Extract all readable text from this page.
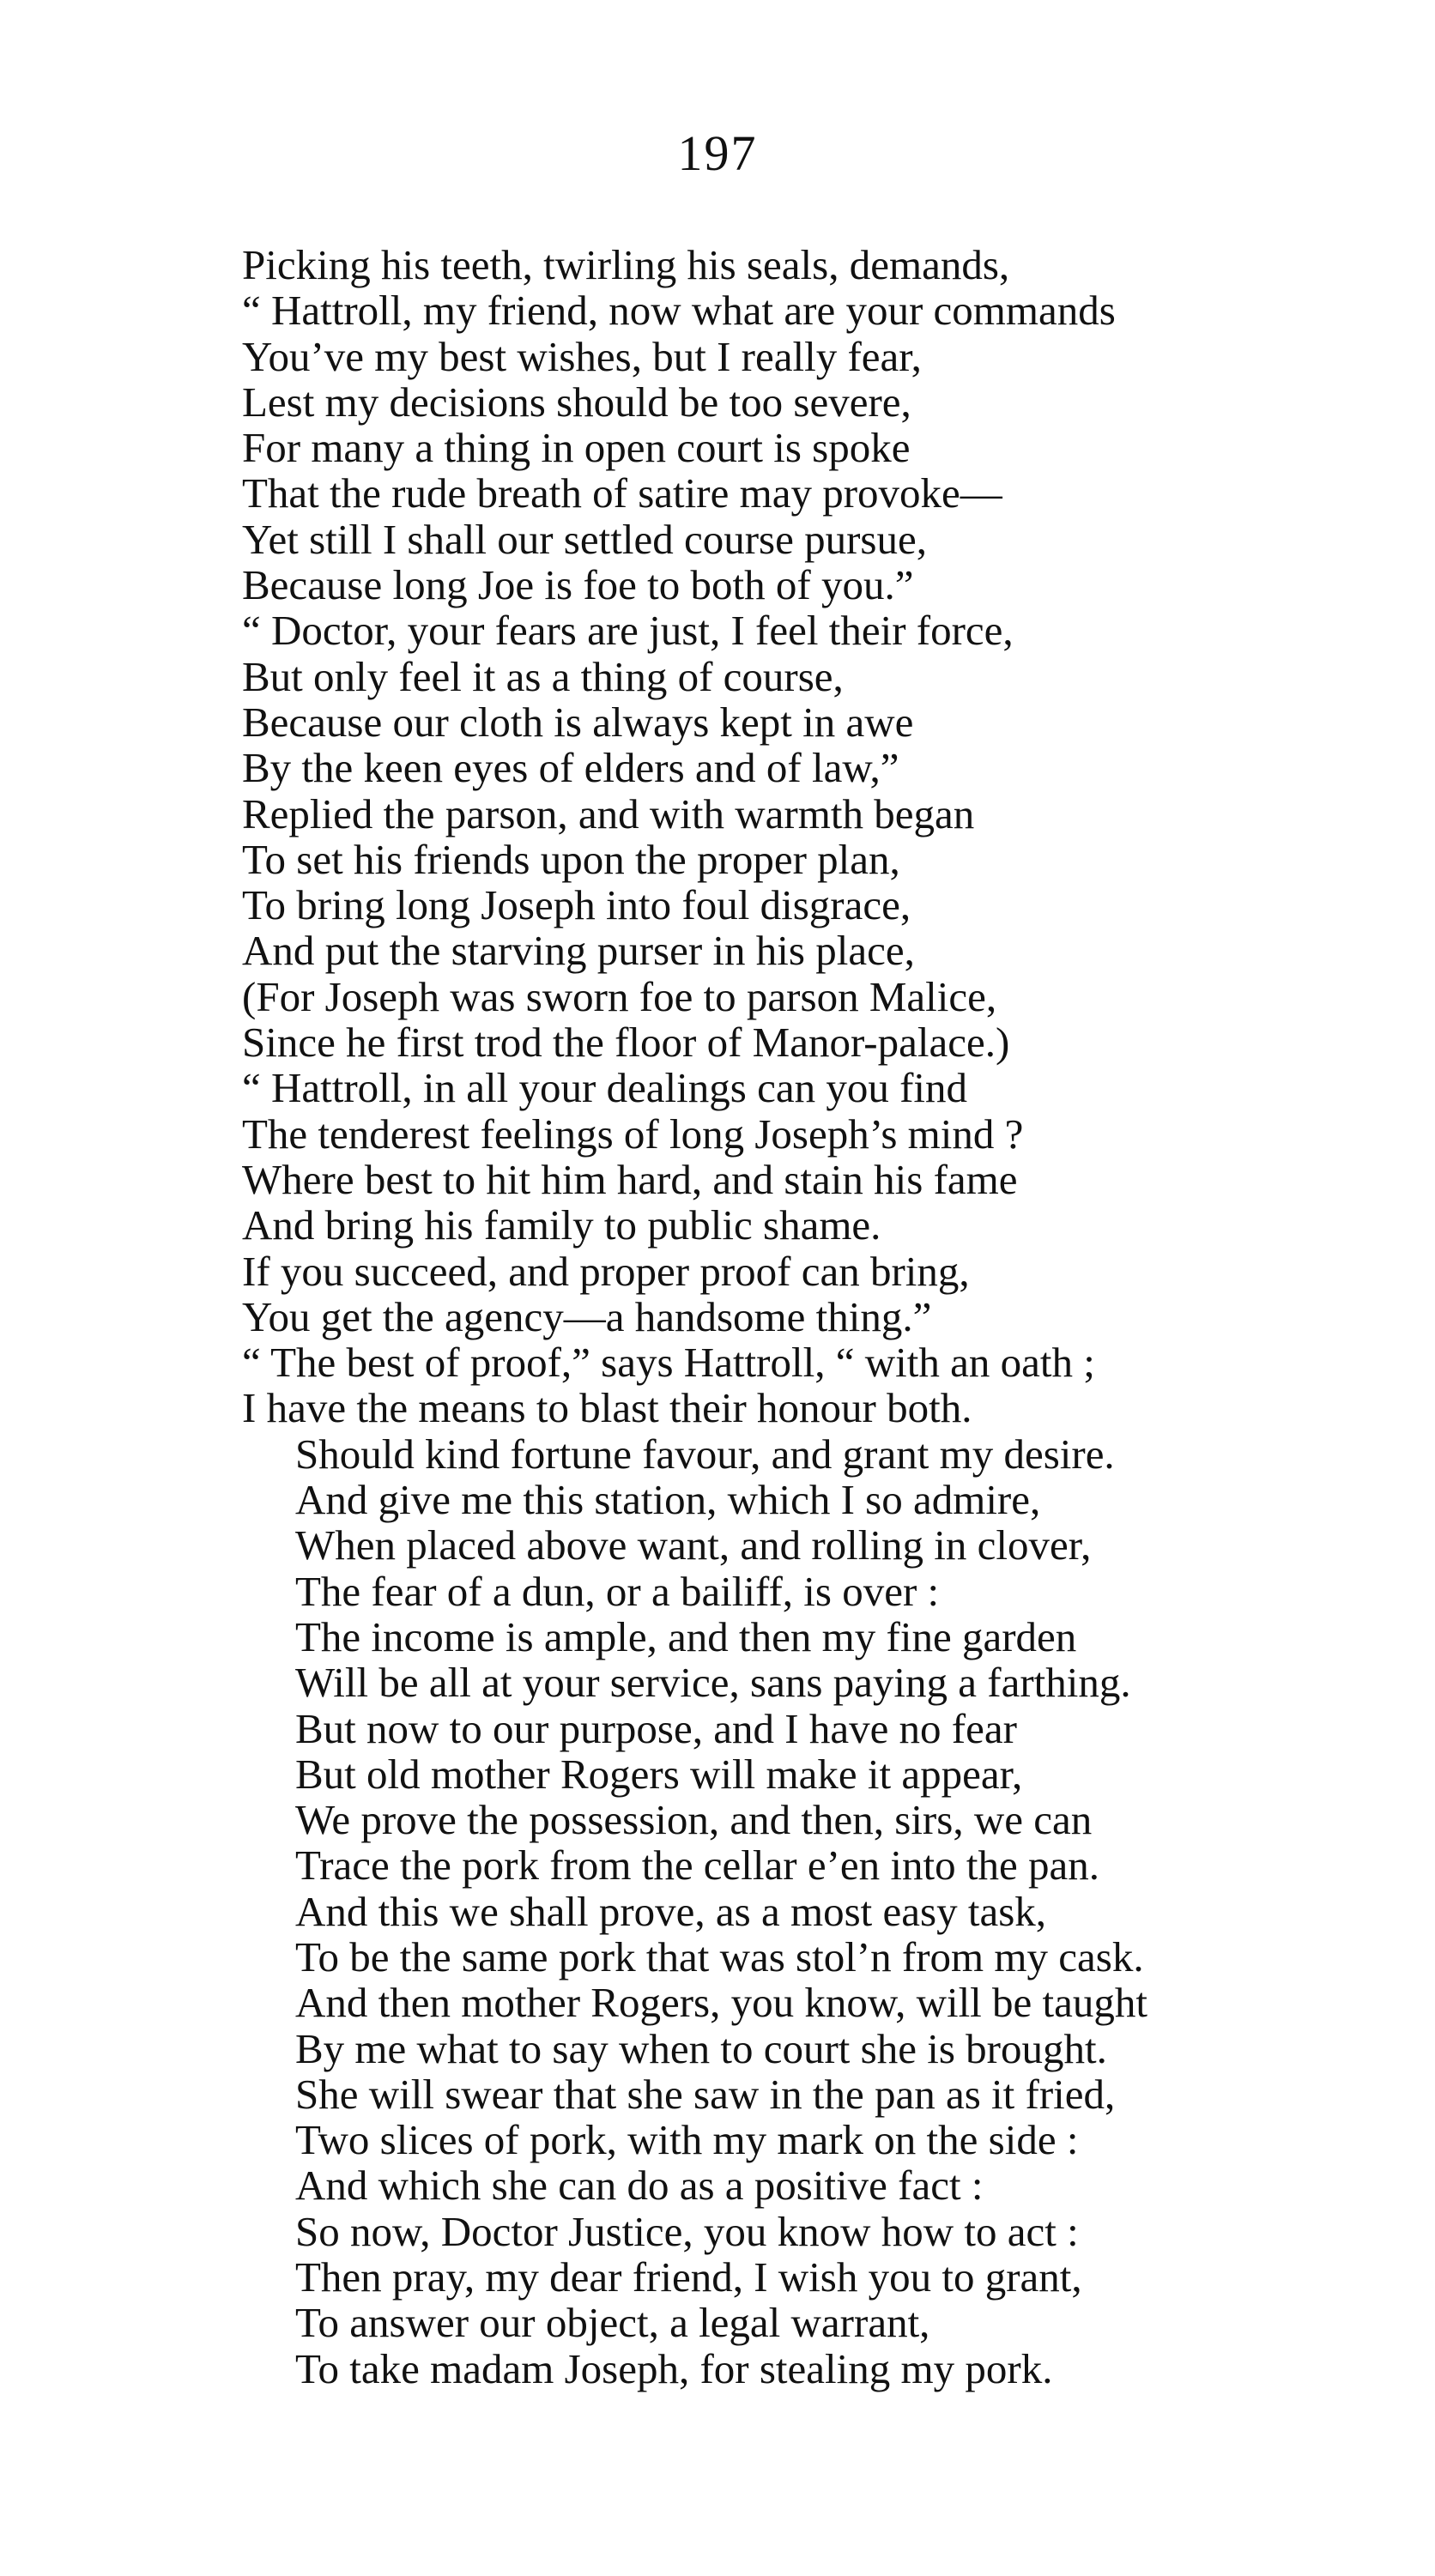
197
Picking his teeth, twirling his seals, demands,
“ Hattroll, my friend, now what are your commands
You’ve my best wishes, but I really fear,
Lest my decisions should be too severe,
For many a thing in open court is spoke
That the rude breath of satire may provoke—
Yet still I shall our settled course pursue,
Because long Joe is foe to both of you.”
“ Doctor, your fears are just, I feel their force,
But only feel it as a thing of course,
Because our cloth is always kept in awe
By the keen eyes of elders and of law,”
Replied the parson, and with warmth began
To set his friends upon the proper plan,
To bring long Joseph into foul disgrace,
And put the starving purser in his place,
(For Joseph was sworn foe to parson Malice,
Since he first trod the floor of Manor-palace.)
“ Hattroll, in all your dealings can you find
The tenderest feelings of long Joseph’s mind ?
Where best to hit him hard, and stain his fame
And bring his family to public shame.
If you succeed, and proper proof can bring,
You get the agency—a handsome thing.”
“ The best of proof,” says Hattroll, “ with an oath ;
I have the means to blast their honour both.
Should kind fortune favour, and grant my desire.
And give me this station, which I so admire,
When placed above want, and rolling in clover,
The fear of a dun, or a bailiff, is over :
The income is ample, and then my fine garden
Will be all at your service, sans paying a farthing.
But now to our purpose, and I have no fear
But old mother Rogers will make it appear,
We prove the possession, and then, sirs, we can
Trace the pork from the cellar e’en into the pan.
And this we shall prove, as a most easy task,
To be the same pork that was stol’n from my cask.
And then mother Rogers, you know, will be taught
By me what to say when to court she is brought.
She will swear that she saw in the pan as it fried,
Two slices of pork, with my mark on the side :
And which she can do as a positive fact :
So now, Doctor Justice, you know how to act :
Then pray, my dear friend, I wish you to grant,
To answer our object, a legal warrant,
To take madam Joseph, for stealing my pork.
